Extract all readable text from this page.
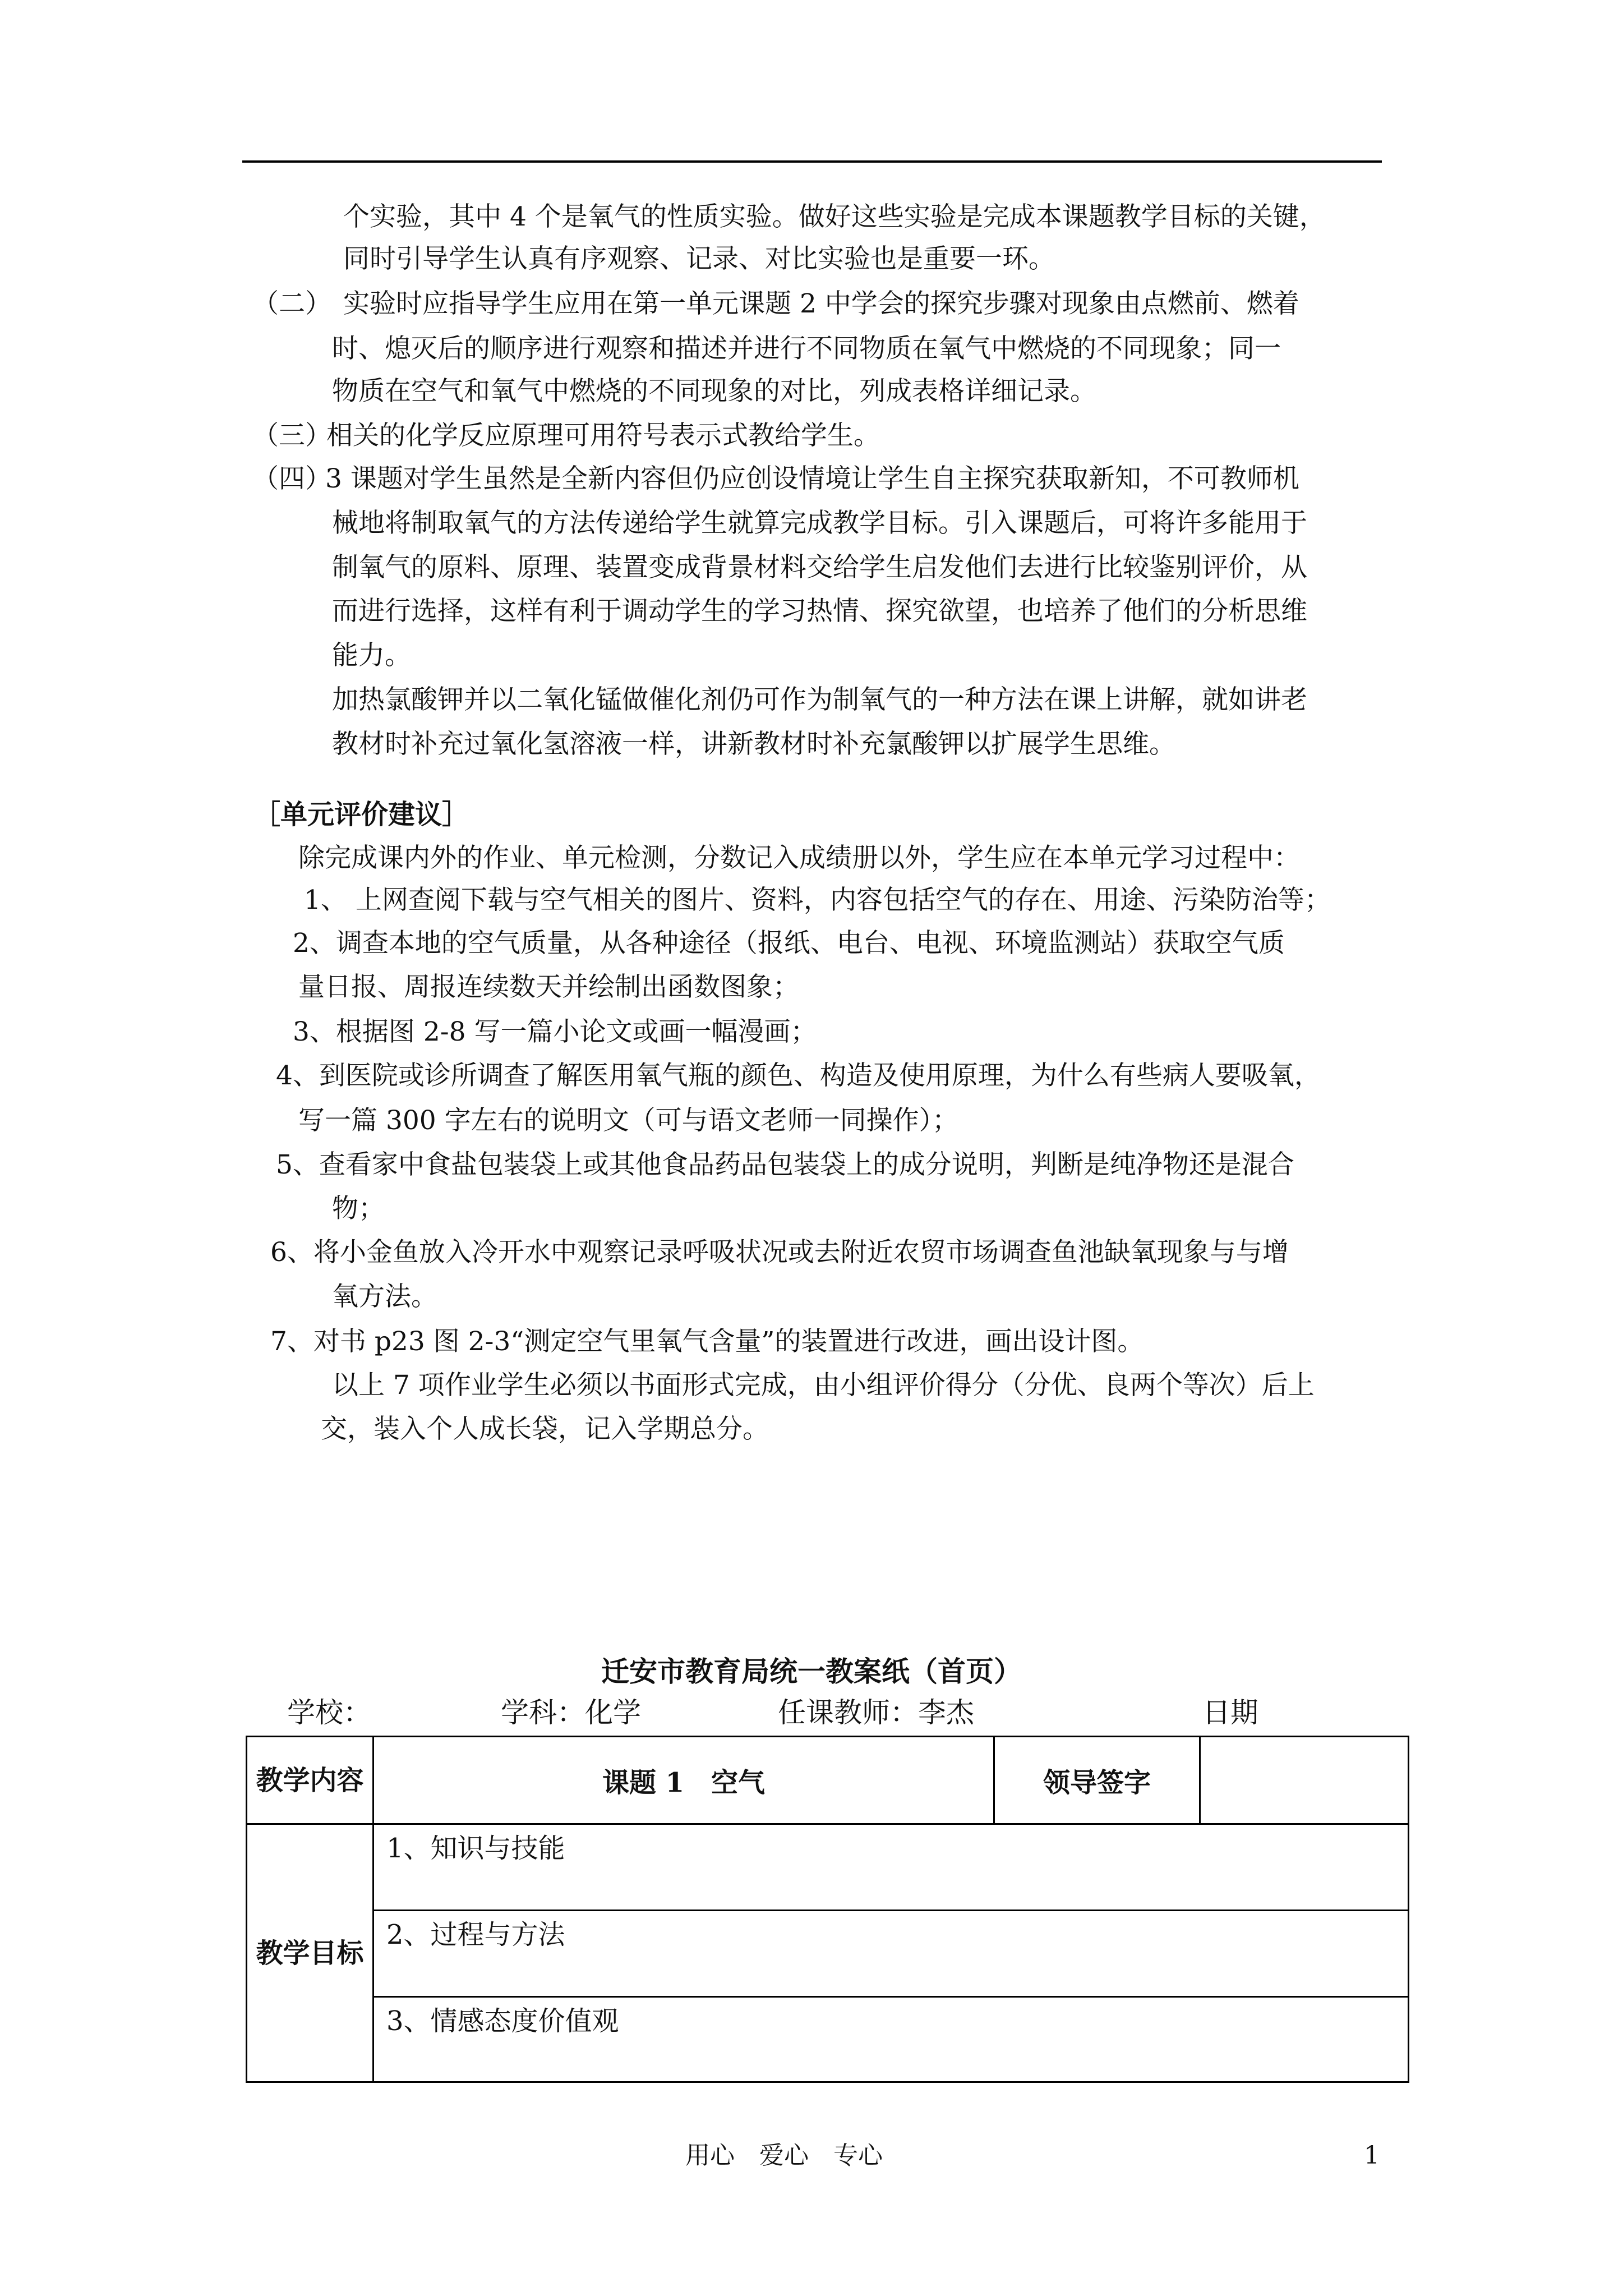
个实验，其中 4 个是氧气的性质实验。做好这些实验是完成本课题教学目标的关键，
同时引导学生认真有序观察、记录、对比实验也是重要一环。
（二） 实验时应指导学生应用在第一单元课题 2 中学会的探究步骤对现象由点燃前、燃着
时、熄灭后的顺序进行观察和描述并进行不同物质在氧气中燃烧的不同现象；同一
物质在空气和氧气中燃烧的不同现象的对比，列成表格详细记录。
（三）
相关的化学反应原理可用符号表示式教给学生。
（四）
3 课题对学生虽然是全新内容但仍应创设情境让学生自主探究获取新知，不可教师机
械地将制取氧气的方法传递给学生就算完成教学目标。引入课题后，可将许多能用于
制氧气的原料、原理、装置变成背景材料交给学生启发他们去进行比较鉴别评价，从
而进行选择，这样有利于调动学生的学习热情、探究欲望，也培养了他们的分析思维
能力。
加热氯酸钾并以二氧化锰做催化剂仍可作为制氧气的一种方法在课上讲解，就如讲老
教材时补充过氧化氢溶液一样，讲新教材时补充氯酸钾以扩展学生思维。
［单元评价建议］
除完成课内外的作业、单元检测，分数记入成绩册以外，学生应在本单元学习过程中：
1、 上网查阅下载与空气相关的图片、资料，内容包括空气的存在、用途、污染防治等；
2、调查本地的空气质量，从各种途径（报纸、电台、电视、环境监测站）获取空气质
量日报、周报连续数天并绘制出函数图象；
3、根据图 2-8 写一篇小论文或画一幅漫画；
4、到医院或诊所调查了解医用氧气瓶的颜色、构造及使用原理，为什么有些病人要吸氧，
写一篇 300 字左右的说明文（可与语文老师一同操作）；
5、查看家中食盐包装袋上或其他食品药品包装袋上的成分说明，判断是纯净物还是混合
物；
6、将小金鱼放入冷开水中观察记录呼吸状况或去附近农贸市场调查鱼池缺氧现象与与增
氧方法。
7、对书 p23 图 2-3“测定空气里氧气含量”的装置进行改进，画出设计图。
以上 7 项作业学生必须以书面形式完成，由小组评价得分（分优、良两个等次）后上
交，装入个人成长袋，记入学期总分。
迁安市教育局统一教案纸（首页）
学校：	学科：化学	任课教师：李杰	日期
教学内容	课题 1　空气	领导签字	
教学目标	1、知识与技能		
	2、过程与方法		
	3、情感态度价值观		
用心　爱心　专心	1
